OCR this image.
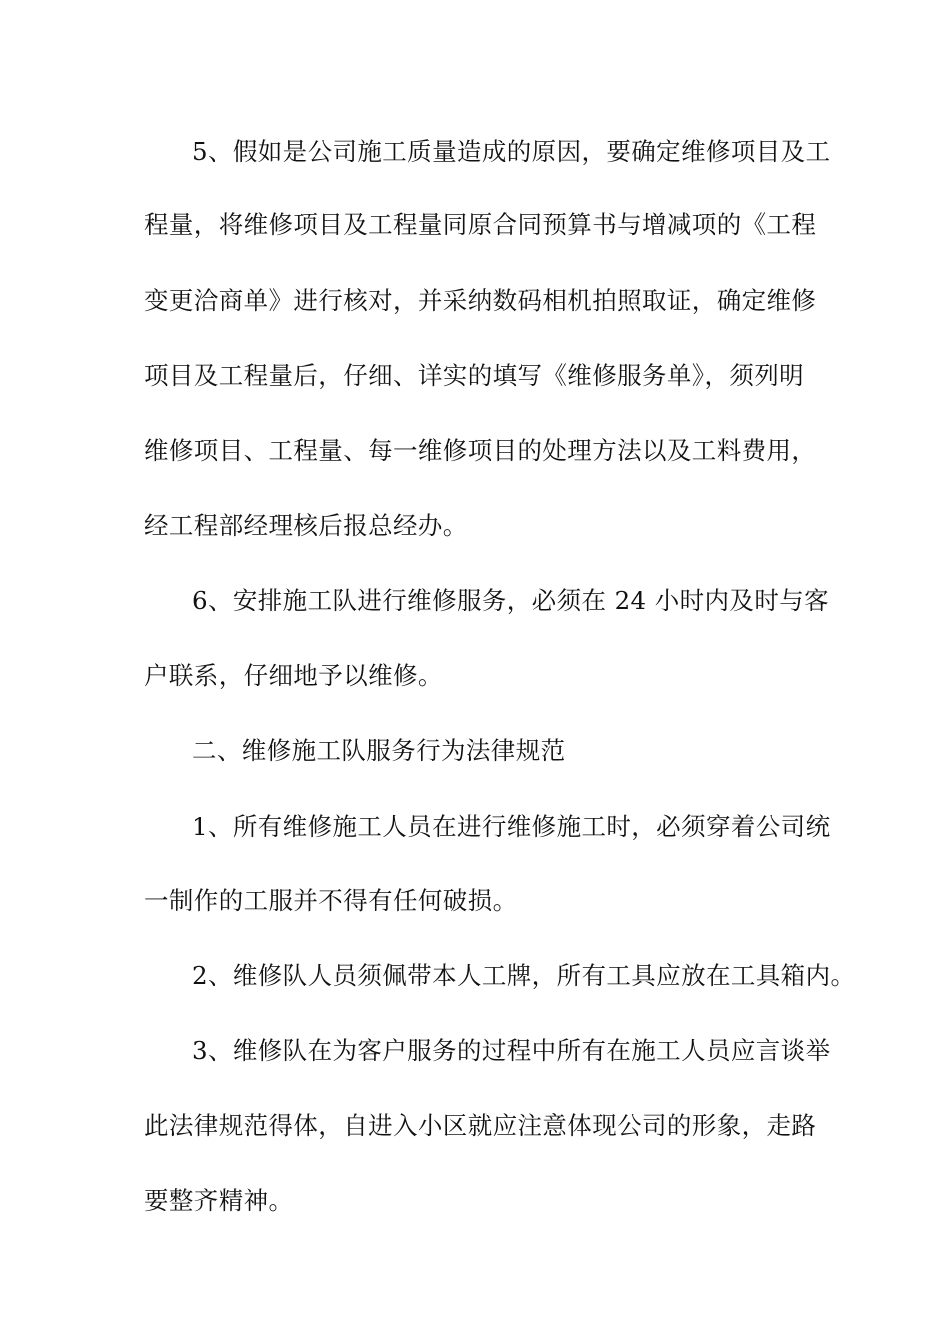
5、假如是公司施工质量造成的原因，要确定维修项目及工
程量，将维修项目及工程量同原合同预算书与增减项的《工程
变更洽商单》进行核对，并采纳数码相机拍照取证，确定维修
项目及工程量后，仔细、详实的填写《维修服务单》，须列明
维修项目、工程量、每一维修项目的处理方法以及工料费用，
经工程部经理核后报总经办。
6、安排施工队进行维修服务，必须在 24 小时内及时与客
户联系，仔细地予以维修。
二、维修施工队服务行为法律规范
1、所有维修施工人员在进行维修施工时，必须穿着公司统
一制作的工服并不得有任何破损。
2、维修队人员须佩带本人工牌，所有工具应放在工具箱内。
3、维修队在为客户服务的过程中所有在施工人员应言谈举
此法律规范得体，自进入小区就应注意体现公司的形象，走路
要整齐精神。
